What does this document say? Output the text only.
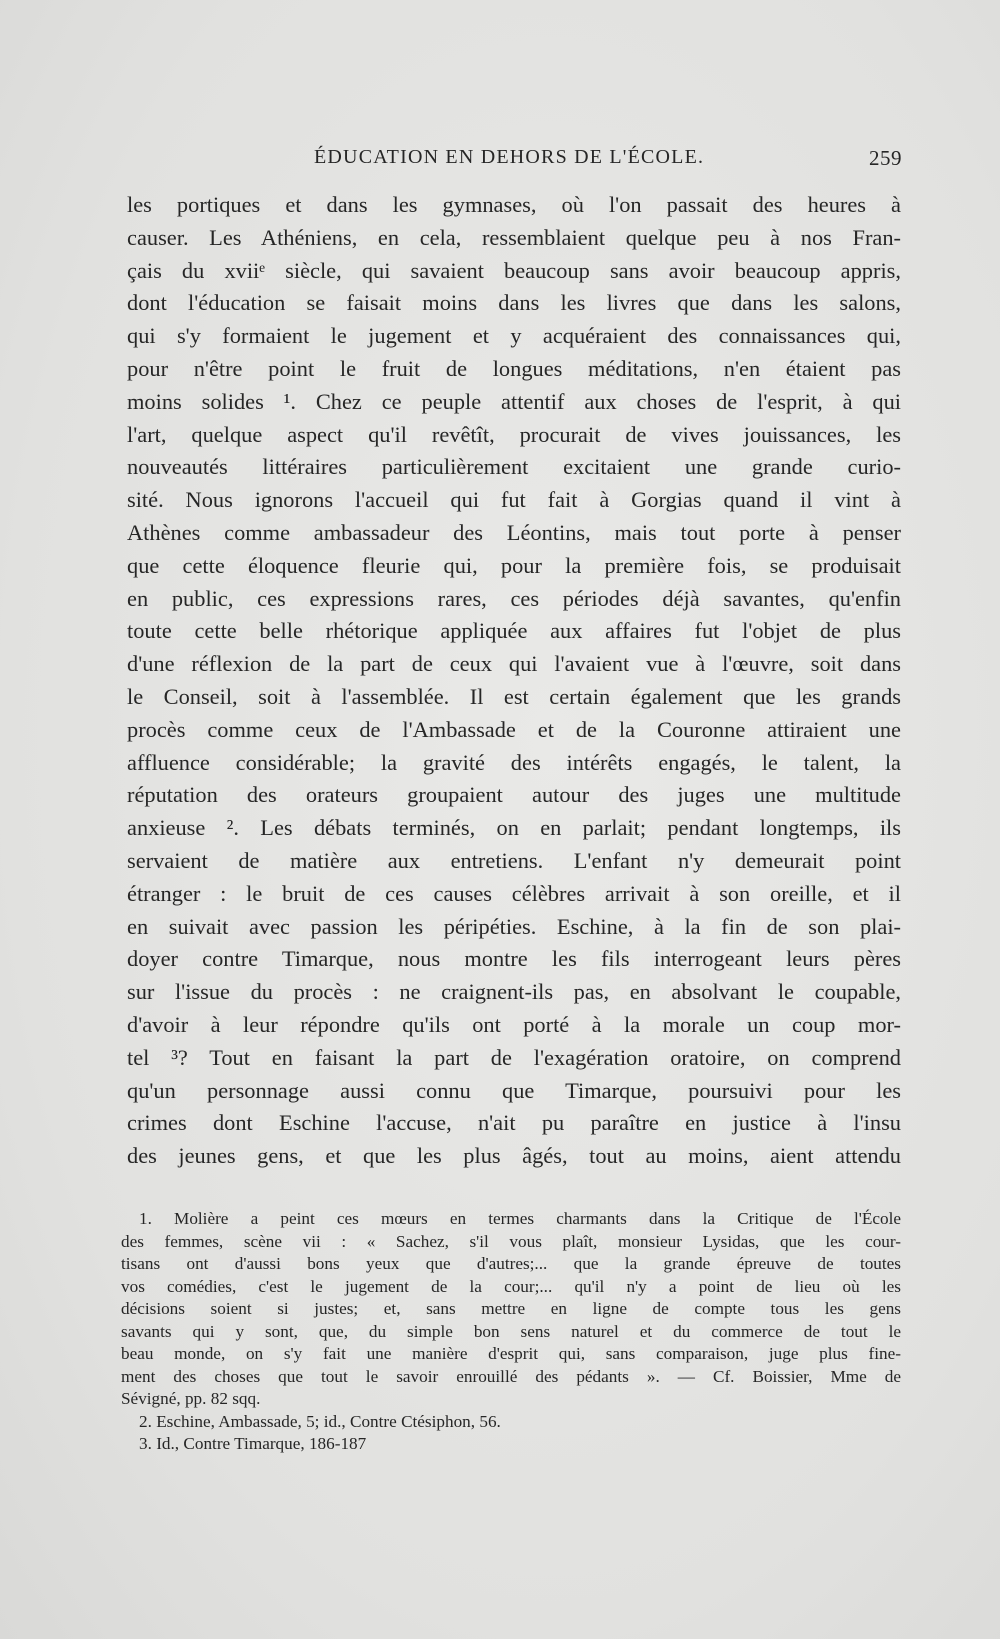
ÉDUCATION EN DEHORS DE L'ÉCOLE.	259
les portiques et dans les gymnases, où l'on passait des heures à
causer. Les Athéniens, en cela, ressemblaient quelque peu à nos Fran-
çais du xviiᵉ siècle, qui savaient beaucoup sans avoir beaucoup appris,
dont l'éducation se faisait moins dans les livres que dans les salons,
qui s'y formaient le jugement et y acquéraient des connaissances qui,
pour n'être point le fruit de longues méditations, n'en étaient pas
moins solides ¹. Chez ce peuple attentif aux choses de l'esprit, à qui
l'art, quelque aspect qu'il revêtît, procurait de vives jouissances, les
nouveautés littéraires particulièrement excitaient une grande curio-
sité. Nous ignorons l'accueil qui fut fait à Gorgias quand il vint à
Athènes comme ambassadeur des Léontins, mais tout porte à penser
que cette éloquence fleurie qui, pour la première fois, se produisait
en public, ces expressions rares, ces périodes déjà savantes, qu'enfin
toute cette belle rhétorique appliquée aux affaires fut l'objet de plus
d'une réflexion de la part de ceux qui l'avaient vue à l'œuvre, soit dans
le Conseil, soit à l'assemblée. Il est certain également que les grands
procès comme ceux de l'Ambassade et de la Couronne attiraient une
affluence considérable; la gravité des intérêts engagés, le talent, la
réputation des orateurs groupaient autour des juges une multitude
anxieuse ². Les débats terminés, on en parlait; pendant longtemps, ils
servaient de matière aux entretiens. L'enfant n'y demeurait point
étranger : le bruit de ces causes célèbres arrivait à son oreille, et il
en suivait avec passion les péripéties. Eschine, à la fin de son plai-
doyer contre Timarque, nous montre les fils interrogeant leurs pères
sur l'issue du procès : ne craignent-ils pas, en absolvant le coupable,
d'avoir à leur répondre qu'ils ont porté à la morale un coup mor-
tel ³? Tout en faisant la part de l'exagération oratoire, on comprend
qu'un personnage aussi connu que Timarque, poursuivi pour les
crimes dont Eschine l'accuse, n'ait pu paraître en justice à l'insu
des jeunes gens, et que les plus âgés, tout au moins, aient attendu
1. Molière a peint ces mœurs en termes charmants dans la Critique de l'École
des femmes, scène vii : « Sachez, s'il vous plaît, monsieur Lysidas, que les cour-
tisans ont d'aussi bons yeux que d'autres;... que la grande épreuve de toutes
vos comédies, c'est le jugement de la cour;... qu'il n'y a point de lieu où les
décisions soient si justes; et, sans mettre en ligne de compte tous les gens
savants qui y sont, que, du simple bon sens naturel et du commerce de tout le
beau monde, on s'y fait une manière d'esprit qui, sans comparaison, juge plus fine-
ment des choses que tout le savoir enrouillé des pédants ». — Cf. Boissier, Mme de
Sévigné, pp. 82 sqq.
2. Eschine, Ambassade, 5; id., Contre Ctésiphon, 56.
3. Id., Contre Timarque, 186-187
